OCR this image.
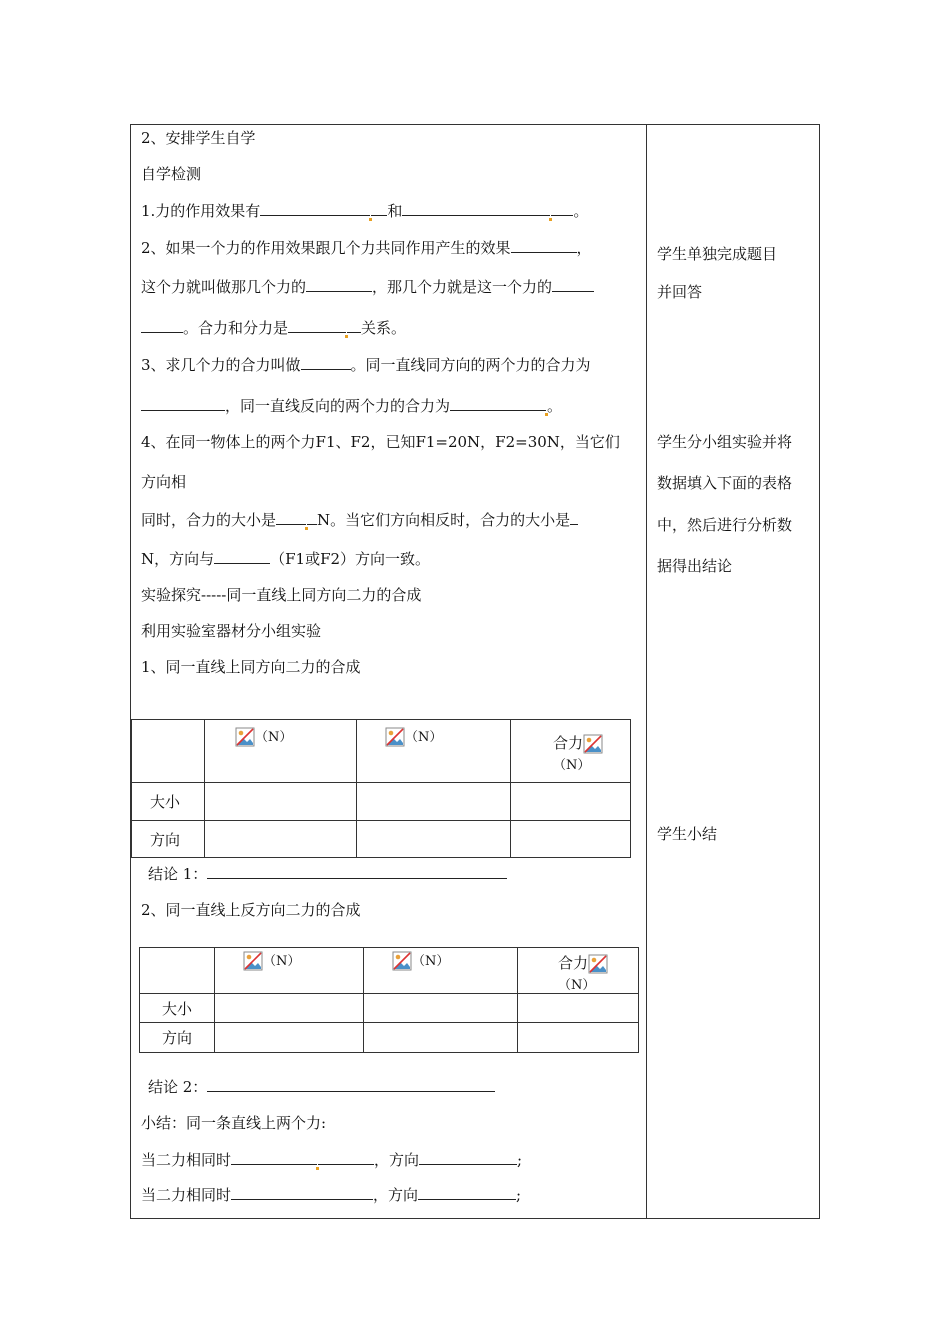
2、安排学生自学
自学检测
1.力的作用效果有	和	。
2、如果一个力的作用效果跟几个力共同作用产生的效果	，
这个力就叫做那几个力的	，那几个力就是这一个力的
。合力和分力是	关系。
3、求几个力的合力叫做	。同一直线同方向的两个力的合力为
，同一直线反向的两个力的合力为	。
4、在同一物体上的两个力F1、F2，已知F1=20N，F2=30N，当它们
方向相
同时，合力的大小是	N。当它们方向相反时，合力的大小是
N，方向与	（F1或F2）方向一致。
实验探究-----同一直线上同方向二力的合成
利用实验室器材分小组实验
1、同一直线上同方向二力的合成
	（N）	（N）	合力（N）
大小			
方向			
结论 1：
2、同一直线上反方向二力的合成
	（N）	（N）	合力（N）
大小			
方向			
结论 2：
小结：同一条直线上两个力:
当二力相同时	，方向	;
当二力相同时	，方向	;
学生单独完成题目
并回答
学生分小组实验并将
数据填入下面的表格
中，然后进行分析数
据得出结论
学生小结
